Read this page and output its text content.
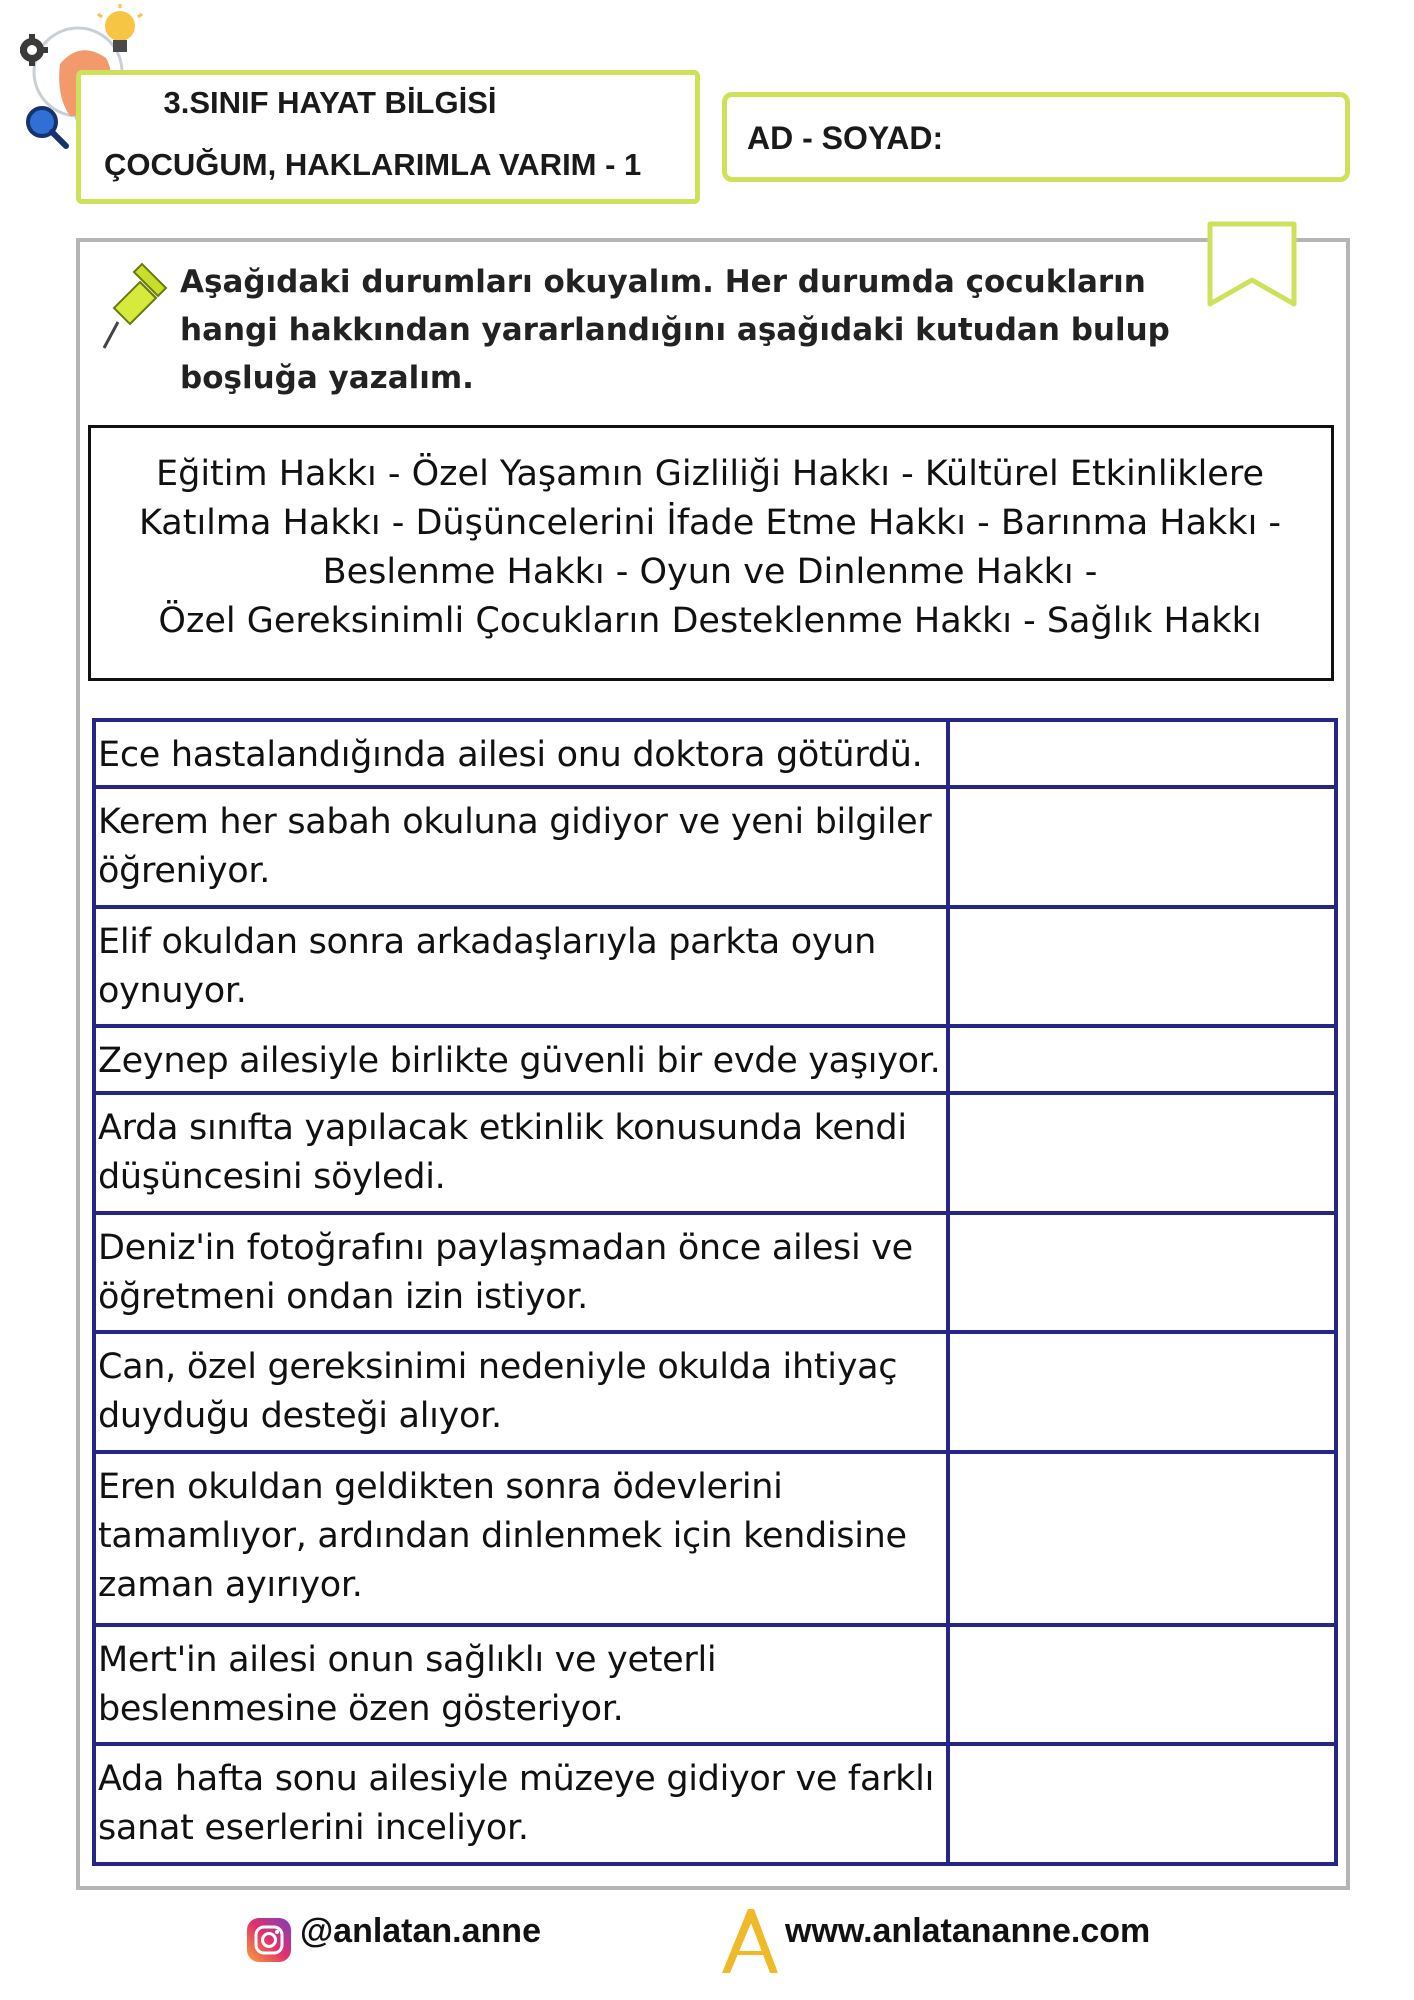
3.SINIF HAYAT BİLGİSİ
ÇOCUĞUM, HAKLARIMLA VARIM - 1
AD - SOYAD:
Aşağıdaki durumları okuyalım. Her durumda çocukların hangi hakkından yararlandığını aşağıdaki kutudan bulup boşluğa yazalım.
Eğitim Hakkı - Özel Yaşamın Gizliliği Hakkı - Kültürel Etkinliklere
Katılma Hakkı - Düşüncelerini İfade Etme Hakkı - Barınma Hakkı -
Beslenme Hakkı - Oyun ve Dinlenme Hakkı -
Özel Gereksinimli Çocukların Desteklenme Hakkı - Sağlık Hakkı
Ece hastalandığında ailesi onu doktora götürdü.	

Kerem her sabah okuluna gidiyor ve yeni bilgiler öğreniyor.	

Elif okuldan sonra arkadaşlarıyla parkta oyun oynuyor.	

Zeynep ailesiyle birlikte güvenli bir evde yaşıyor.	

Arda sınıfta yapılacak etkinlik konusunda kendi düşüncesini söyledi.	

Deniz'in fotoğrafını paylaşmadan önce ailesi ve öğretmeni ondan izin istiyor.	

Can, özel gereksinimi nedeniyle okulda ihtiyaç duyduğu desteği alıyor.	

Eren okuldan geldikten sonra ödevlerini tamamlıyor, ardından dinlenmek için kendisine zaman ayırıyor.	

Mert'in ailesi onun sağlıklı ve yeterli beslenmesine özen gösteriyor.	

Ada hafta sonu ailesiyle müzeye gidiyor ve farklı sanat eserlerini inceliyor.	

@anlatan.anne	www.anlatananne.com
